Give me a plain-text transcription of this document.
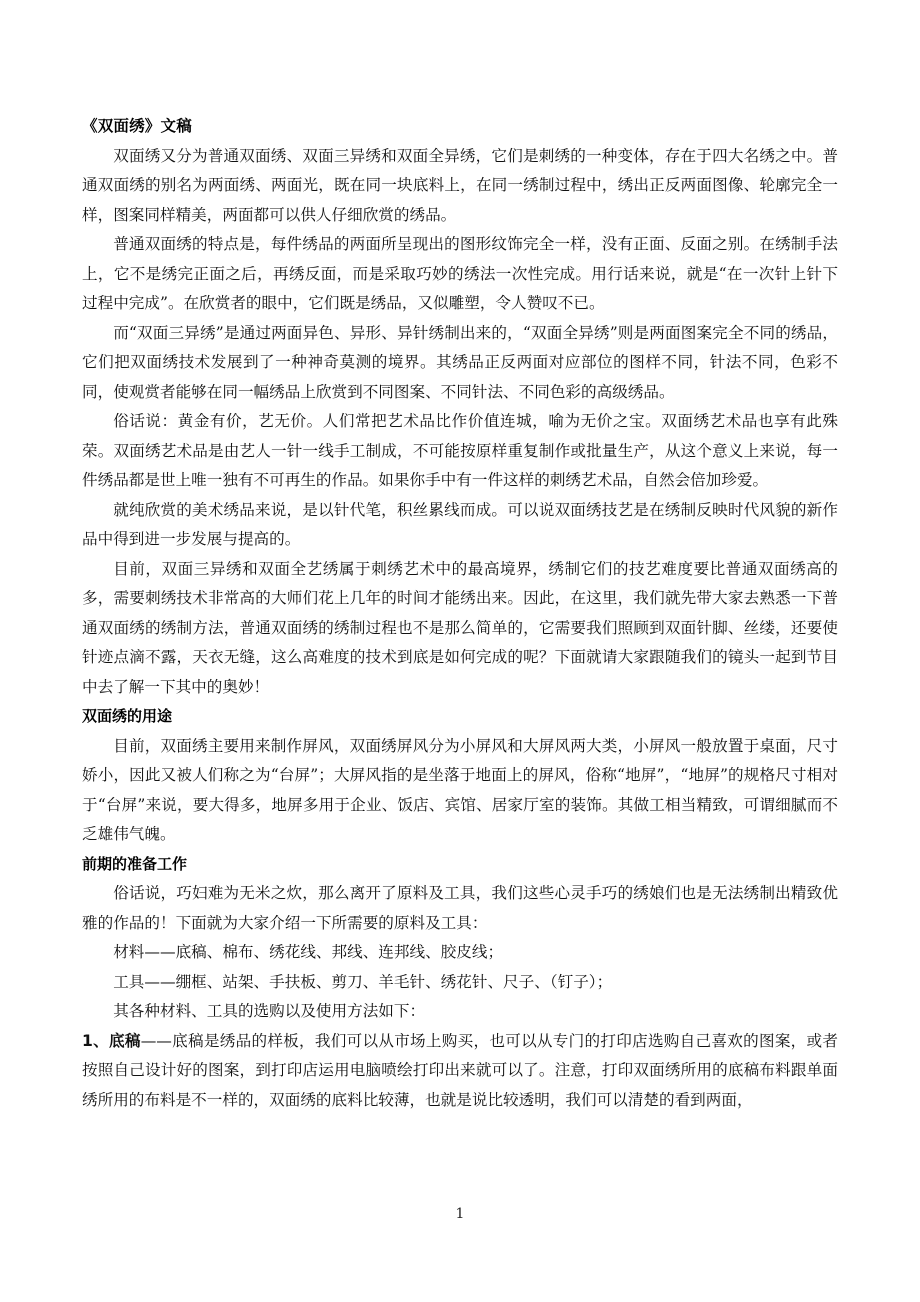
《双面绣》文稿

双面绣又分为普通双面绣、双面三异绣和双面全异绣，它们是刺绣的一种变体，存在于四大名绣之中。普通双面绣的别名为两面绣、两面光，既在同一块底料上，在同一绣制过程中，绣出正反两面图像、轮廓完全一样，图案同样精美，两面都可以供人仔细欣赏的绣品。

普通双面绣的特点是，每件绣品的两面所呈现出的图形纹饰完全一样，没有正面、反面之别。在绣制手法上，它不是绣完正面之后，再绣反面，而是采取巧妙的绣法一次性完成。用行话来说，就是“在一次针上针下过程中完成”。在欣赏者的眼中，它们既是绣品，又似雕塑，令人赞叹不已。

而“双面三异绣”是通过两面异色、异形、异针绣制出来的，“双面全异绣”则是两面图案完全不同的绣品，它们把双面绣技术发展到了一种神奇莫测的境界。其绣品正反两面对应部位的图样不同，针法不同，色彩不同，使观赏者能够在同一幅绣品上欣赏到不同图案、不同针法、不同色彩的高级绣品。

俗话说：黄金有价，艺无价。人们常把艺术品比作价值连城，喻为无价之宝。双面绣艺术品也享有此殊荣。双面绣艺术品是由艺人一针一线手工制成，不可能按原样重复制作或批量生产，从这个意义上来说，每一件绣品都是世上唯一独有不可再生的作品。如果你手中有一件这样的刺绣艺术品，自然会倍加珍爱。

就纯欣赏的美术绣品来说，是以针代笔，积丝累线而成。可以说双面绣技艺是在绣制反映时代风貌的新作品中得到进一步发展与提高的。

目前，双面三异绣和双面全艺绣属于刺绣艺术中的最高境界，绣制它们的技艺难度要比普通双面绣高的多，需要刺绣技术非常高的大师们花上几年的时间才能绣出来。因此，在这里，我们就先带大家去熟悉一下普通双面绣的绣制方法，普通双面绣的绣制过程也不是那么简单的，它需要我们照顾到双面针脚、丝缕，还要使针迹点滴不露，天衣无缝，这么高难度的技术到底是如何完成的呢？下面就请大家跟随我们的镜头一起到节目中去了解一下其中的奥妙！

双面绣的用途

目前，双面绣主要用来制作屏风，双面绣屏风分为小屏风和大屏风两大类，小屏风一般放置于桌面，尺寸娇小，因此又被人们称之为“台屏”；大屏风指的是坐落于地面上的屏风，俗称“地屏”，“地屏”的规格尺寸相对于“台屏”来说，要大得多，地屏多用于企业、饭店、宾馆、居家厅室的装饰。其做工相当精致，可谓细腻而不乏雄伟气魄。

前期的准备工作

俗话说，巧妇难为无米之炊，那么离开了原料及工具，我们这些心灵手巧的绣娘们也是无法绣制出精致优雅的作品的！下面就为大家介绍一下所需要的原料及工具：

材料——底稿、棉布、绣花线、邦线、连邦线、胶皮线；

工具——绷框、站架、手扶板、剪刀、羊毛针、绣花针、尺子、（钉子）；

其各种材料、工具的选购以及使用方法如下：

1、底稿——底稿是绣品的样板，我们可以从市场上购买，也可以从专门的打印店选购自己喜欢的图案，或者按照自己设计好的图案，到打印店运用电脑喷绘打印出来就可以了。注意，打印双面绣所用的底稿布料跟单面绣所用的布料是不一样的，双面绣的底料比较薄，也就是说比较透明，我们可以清楚的看到两面，

1
